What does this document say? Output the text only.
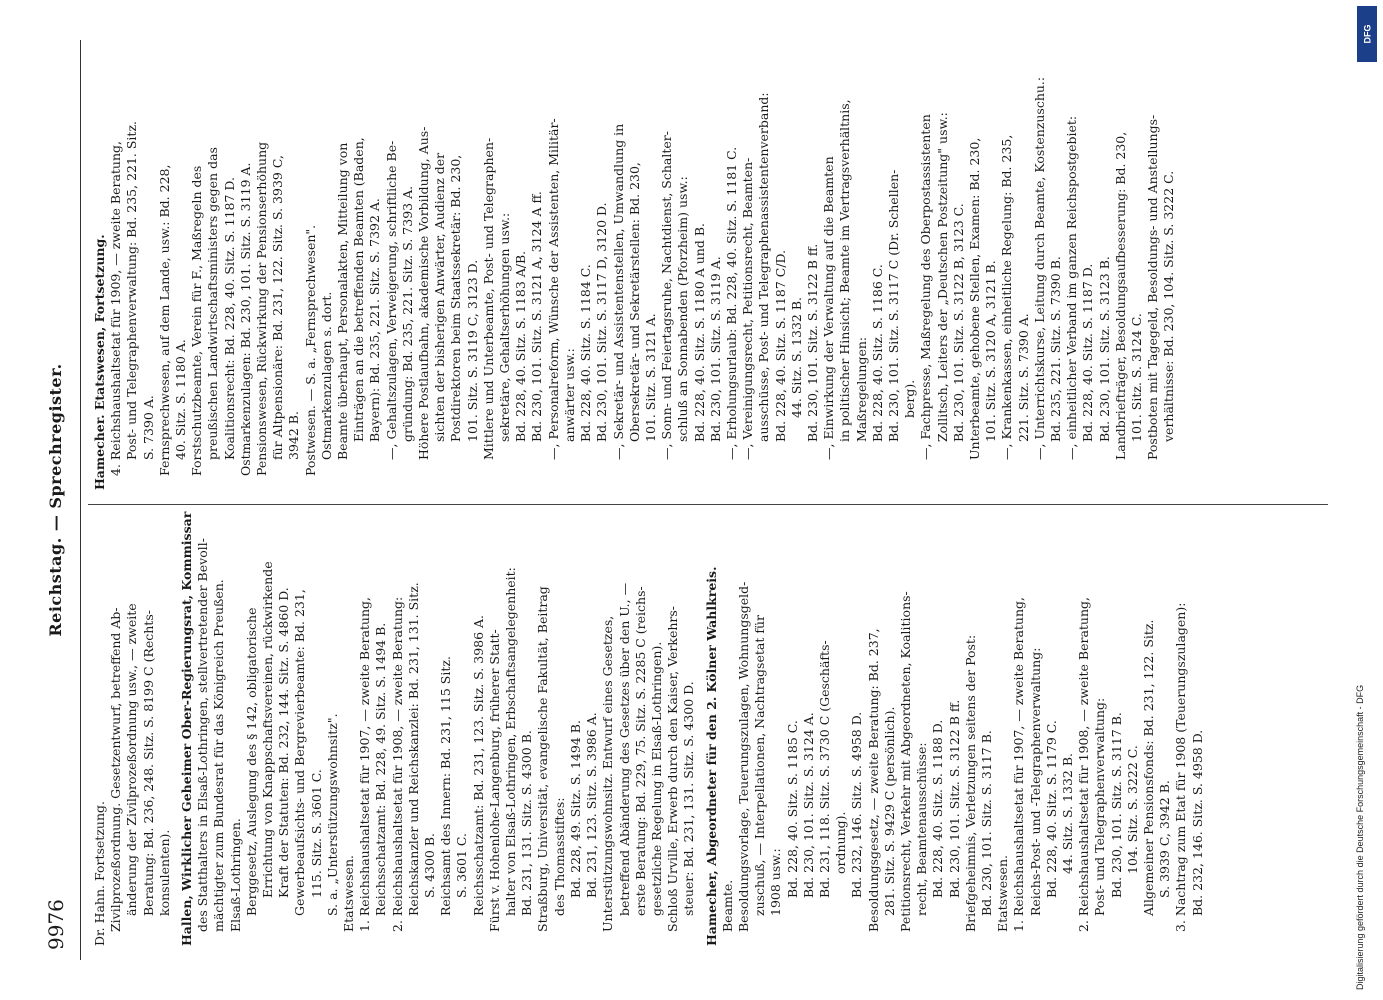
9976
Reichstag. — Sprechregister.
Dr. Hahn. Fortsetzung. Zivilprozeßordnung. Gesetzentwurf, betreffend Ab- änderung der Zivilprozeßordnung usw., — zweite Beratung: Bd. 236, 248. Sitz. S. 8199 C (Rechts- konsulenten). Hallen, Wirklicher Geheimer Ober-Regierungsrat, Kommissar des Statthalters in Elsaß-Lothringen, stellvertretender Bevoll- mächtigter zum Bundesrat für das Königreich Preußen. Elsaß-Lothringen. Berggesetz, Auslegung des § 142, obligatorische Errichtung von Knappschaftsvereinen, rückwirkende Kraft der Statuten: Bd. 232, 144. Sitz. S. 4860 D. Gewerbeaufsichts- und Bergrevierbeamte: Bd. 231, 115. Sitz. S. 3601 C. S. a. „Unterstützungswohnsitz". Etatswesen. 1. Reichshaushaltsetat für 1907, — zweite Beratung, Reichsschatzamt: Bd. 228, 49. Sitz. S. 1494 B. 2. Reichshaushaltsetat für 1908, — zweite Beratung: Reichskanzler und Reichskanzlei: Bd. 231, 131. Sitz. S. 4300 B. Reichsamt des Innern: Bd. 231, 115 Sitz. S. 3601 C. Reichsschatzamt: Bd. 231, 123. Sitz. S. 3986 A. Fürst v. Hohenlohe-Langenburg, früherer Statt- halter von Elsaß-Lothringen, Erbschaftsangelegenheit: Bd. 231, 131. Sitz. S. 4300 B. Straßburg, Universität, evangelische Fakultät, Beitrag des Thomasstiftes: Bd. 228, 49. Sitz. S. 1494 B. Bd. 231, 123. Sitz. S. 3986 A. Unterstützungswohnsitz. Entwurf eines Gesetzes, betreffend Abänderung des Gesetzes über den U., — erste Beratung: Bd. 229, 75. Sitz. S. 2285 C (reichs- gesetzliche Regelung in Elsaß-Lothringen). Schloß Urville, Erwerb durch den Kaiser, Verkehrs- steuer: Bd. 231, 131. Sitz. S. 4300 D. Hamecher, Abgeordneter für den 2. Kölner Wahlkreis. Beamte. Besoldungsvorlage, Teuerungszulagen, Wohnungsgeld- zuschuß, — Interpellationen, Nachtragsetat für 1908 usw.: Bd. 228, 40. Sitz. S. 1185 C. Bd. 230, 101. Sitz. S. 3124 A. Bd. 231, 118. Sitz. S. 3730 C (Geschäfts- ordnung). Bd. 232, 146. Sitz. S. 4958 D. Besoldungsgesetz, — zweite Beratung: Bd. 237, 281. Sitz. S. 9429 C (persönlich). Petitionsrecht, Verkehr mit Abgeordneten, Koalitions- recht, Beamtenausschüsse: Bd. 228, 40. Sitz. S. 1188 D. Bd. 230, 101. Sitz. S. 3122 B ff. Briefgeheimnis, Verletzungen seitens der Post: Bd. 230, 101. Sitz. S. 3117 B. Etatswesen. 1. Reichshaushaltsetat für 1907, — zweite Beratung, Reichs-Post- und -Telegraphenverwaltung: Bd. 228, 40. Sitz. S. 1179 C. 44. Sitz. S. 1332 B. 2. Reichshaushaltsetat für 1908, — zweite Beratung, Post- und Telegraphenverwaltung: Bd. 230, 101. Sitz. S. 3117 B. 104. Sitz. S. 3222 C. Allgemeiner Pensionsfonds: Bd. 231, 122. Sitz. S. 3939 C, 3942 B. 3. Nachtrag zum Etat für 1908 (Teuerungszulagen): Bd. 232, 146. Sitz. S. 4958 D.
Hamecher. Etatswesen, Fortsetzung. 4. Reichshaushaltsetat für 1909, — zweite Beratung, Post- und Telegraphenverwaltung: Bd. 235, 221. Sitz. S. 7390 A. Fernsprechwesen, auf dem Lande, usw.: Bd. 228, 40. Sitz. S. 1180 A. Forstschutzbeamte, Verein für F., Maßregeln des preußischen Landwirtschaftsministers gegen das Koalitionsrecht: Bd. 228, 40. Sitz. S. 1187 D. Ostmarkenzulagen: Bd. 230, 101. Sitz. S. 3119 A. Pensionswesen, Rückwirkung der Pensionserhöhung für Altpensionäre: Bd. 231, 122. Sitz. S. 3939 C, 3942 B. Postwesen. — S. a. „Fernsprechwesen". Ostmarkenzulagen s. dort. Beamte überhaupt, Personalakten, Mitteilung von Einträgen an die betreffenden Beamten (Baden, Bayern): Bd. 235, 221. Sitz. S. 7392 A. —, Gehaltszulagen, Verweigerung, schriftliche Be- gründung: Bd. 235, 221. Sitz. S. 7393 A. Höhere Postlaufbahn, akademische Vorbildung, Aus- sichten der bisherigen Anwärter, Audienz der Postdirektoren beim Staatssekretär: Bd. 230, 101. Sitz. S. 3119 C, 3123 D. Mittlere und Unterbeamte, Post- und Telegraphen- sekretäre, Gehaltserhöhungen usw.: Bd. 228, 40. Sitz. S. 1183 A/B. Bd. 230, 101. Sitz. S. 3121 A, 3124 A ff. —, Personalreform, Wünsche der Assistenten, Militär- anwärter usw.: Bd. 228, 40. Sitz. S. 1184 C. Bd. 230, 101. Sitz. S. 3117 D, 3120 D. —, Sekretär- und Assistentenstellen, Umwandlung in Obersekretär- und Sekretärstellen: Bd. 230, 101. Sitz. S. 3121 A. —, Sonn- und Feiertagsruhe, Nachtdienst, Schalter- schluß an Sonnabenden (Pforzheim) usw.: Bd. 228, 40. Sitz. S. 1180 A und B. Bd. 230, 101. Sitz. S. 3119 A. —, Erholungsurlaub: Bd. 228, 40. Sitz. S. 1181 C. —, Vereinigungsrecht, Petitionsrecht, Beamten- ausschüsse, Post- und Telegraphenassistentenverband: Bd. 228, 40. Sitz. S. 1187 C/D. 44. Sitz. S. 1332 B. Bd. 230, 101. Sitz. S. 3122 B ff. —, Einwirkung der Verwaltung auf die Beamten in politischer Hinsicht; Beamte im Vertragsverhältnis, Maßregelungen: Bd. 228, 40. Sitz. S. 1186 C. Bd. 230, 101. Sitz. S. 3117 C (Dr. Schellen- berg). —, Fachpresse, Maßregelung des Oberpostassistenten Zollitsch, Leiters der „Deutschen Postzeitung" usw.: Bd. 230, 101. Sitz. S. 3122 B, 3123 C. Unterbeamte, gehobene Stellen, Examen: Bd. 230, 101. Sitz. S. 3120 A, 3121 B. —, Krankenkassen, einheitliche Regelung: Bd. 235, 221. Sitz. S. 7390 A. —, Unterrichtskurse, Leitung durch Beamte, Kostenzuschu.: Bd. 235, 221. Sitz. S. 7390 B. —, einheitlicher Verband im ganzen Reichspostgebiet: Bd. 228, 40. Sitz. S. 1187 D. Bd. 230, 101. Sitz. S. 3123 B. Landbriefträger, Besoldungsaufbesserung: Bd. 230, 101. Sitz. S. 3124 C. Postboten mit Tagegeld, Besoldungs- und Anstellungs- verhältnisse: Bd. 230, 104. Sitz. S. 3222 C.
DFG
Digitalisierung gefördert durch die Deutsche Forschungsgemeinschaft - DFG
